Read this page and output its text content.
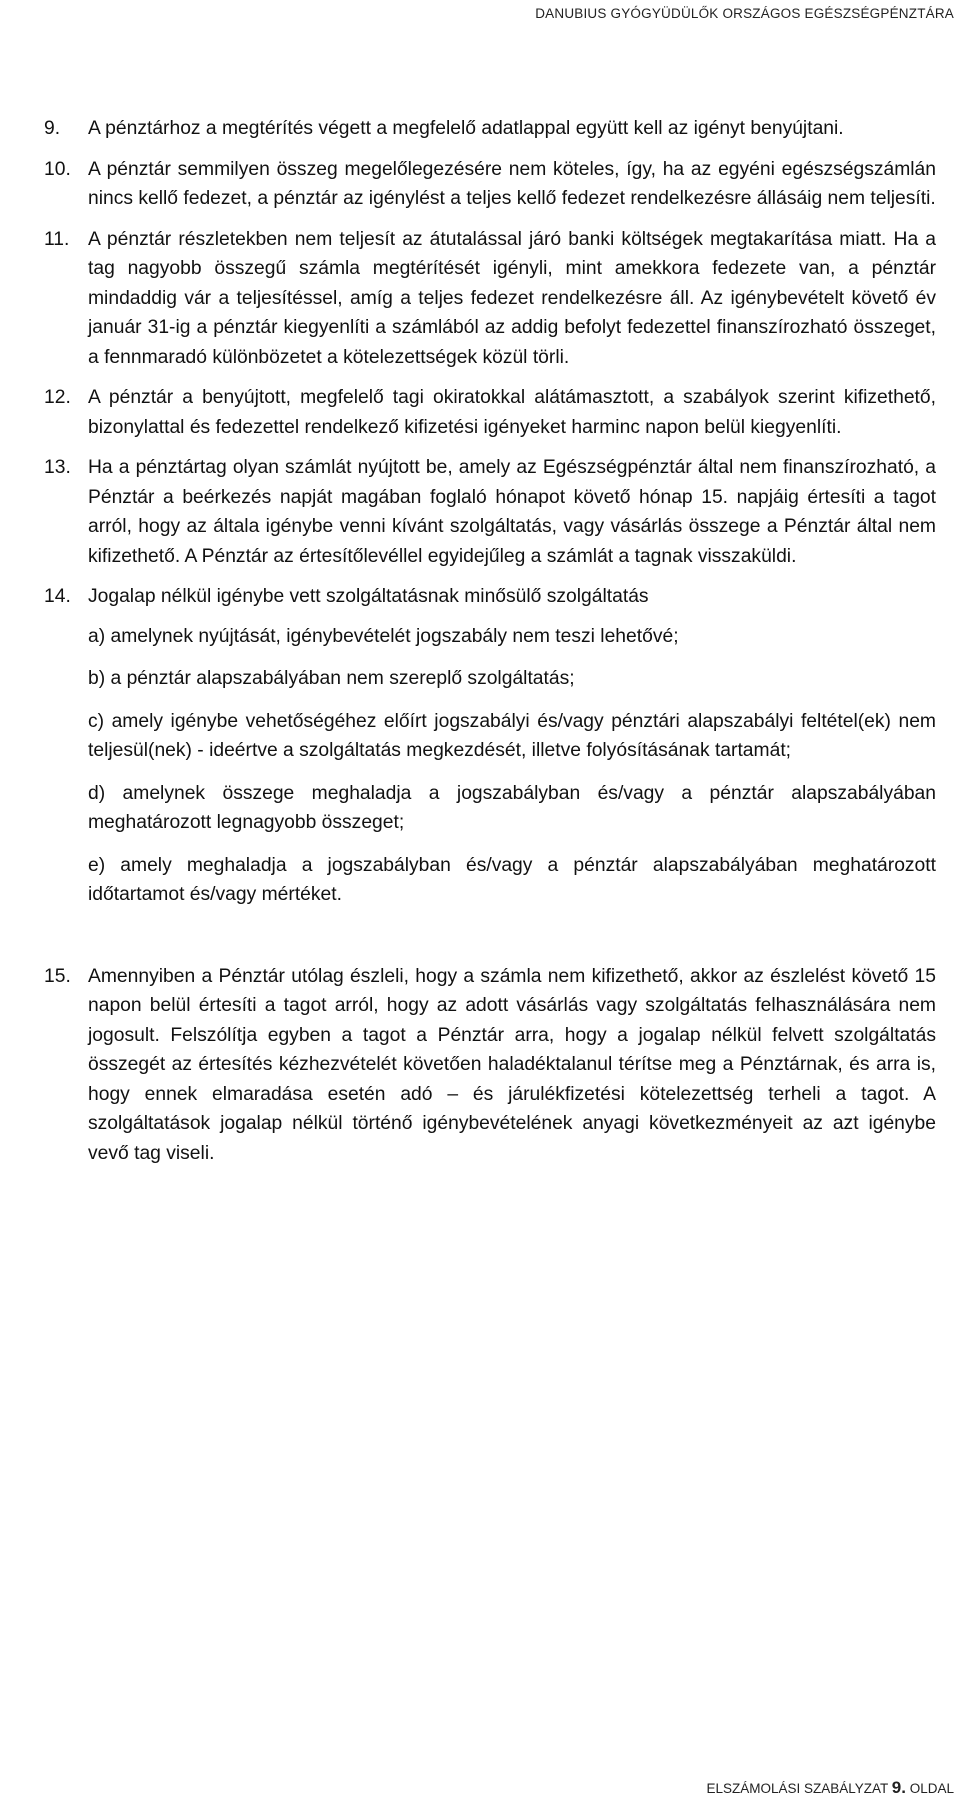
DANUBIUS GYÓGYÜDÜLŐK ORSZÁGOS EGÉSZSÉGPÉNZTÁRA
9.	A pénztárhoz a megtérítés végett a megfelelő adatlappal együtt kell az igényt benyújtani.
10. A pénztár semmilyen összeg megelőlegezésére nem köteles, így, ha az egyéni egészségszámlán nincs kellő fedezet, a pénztár az igénylést a teljes kellő fedezet rendelkezésre állásáig nem teljesíti.
11. A pénztár részletekben nem teljesít az átutalással járó banki költségek megtakarítása miatt. Ha a tag nagyobb összegű számla megtérítését igényli, mint amekkora fedezete van, a pénztár mindaddig vár a teljesítéssel, amíg a teljes fedezet rendelkezésre áll. Az igénybevételt követő év január 31-ig a pénztár kiegyenlíti a számlából az addig befolyt fedezettel finanszírozható összeget, a fennmaradó különbözetet a kötelezettségek közül törli.
12. A pénztár a benyújtott, megfelelő tagi okiratokkal alátámasztott, a szabályok szerint kifizethető, bizonylattal és fedezettel rendelkező kifizetési igényeket harminc napon belül kiegyenlíti.
13. Ha a pénztártag olyan számlát nyújtott be, amely az Egészségpénztár által nem finanszírozható, a Pénztár a beérkezés napját magában foglaló hónapot követő hónap 15. napjáig értesíti a tagot arról, hogy az általa igénybe venni kívánt szolgáltatás, vagy vásárlás összege a Pénztár által nem kifizethető. A Pénztár az értesítőlevéllel egyidejűleg a számlát a tagnak visszaküldi.
14. Jogalap nélkül igénybe vett szolgáltatásnak minősülő szolgáltatás
a) amelynek nyújtását, igénybevételét jogszabály nem teszi lehetővé;
b) a pénztár alapszabályában nem szereplő szolgáltatás;
c) amely igénybe vehetőségéhez előírt jogszabályi és/vagy pénztári alapszabályi feltétel(ek) nem teljesül(nek) - ideértve a szolgáltatás megkezdését, illetve folyósításának tartamát;
d) amelynek összege meghaladja a jogszabályban és/vagy a pénztár alapszabályában meghatározott legnagyobb összeget;
e) amely meghaladja a jogszabályban és/vagy a pénztár alapszabályában meghatározott időtartamot és/vagy mértéket.
15. Amennyiben a Pénztár utólag észleli, hogy a számla nem kifizethető, akkor az észlelést követő 15 napon belül értesíti a tagot arról, hogy az adott vásárlás vagy szolgáltatás felhasználására nem jogosult. Felszólítja egyben a tagot a Pénztár arra, hogy a jogalap nélkül felvett szolgáltatás összegét az értesítés kézhezvételét követően haladéktalanul térítse meg a Pénztárnak, és arra is, hogy ennek elmaradása esetén adó – és járulékfizetési kötelezettség terheli a tagot. A szolgáltatások jogalap nélkül történő igénybevételének anyagi következményeit az azt igénybe vevő tag viseli.
ELSZÁMOLÁSI SZABÁLYZAT 9. OLDAL
